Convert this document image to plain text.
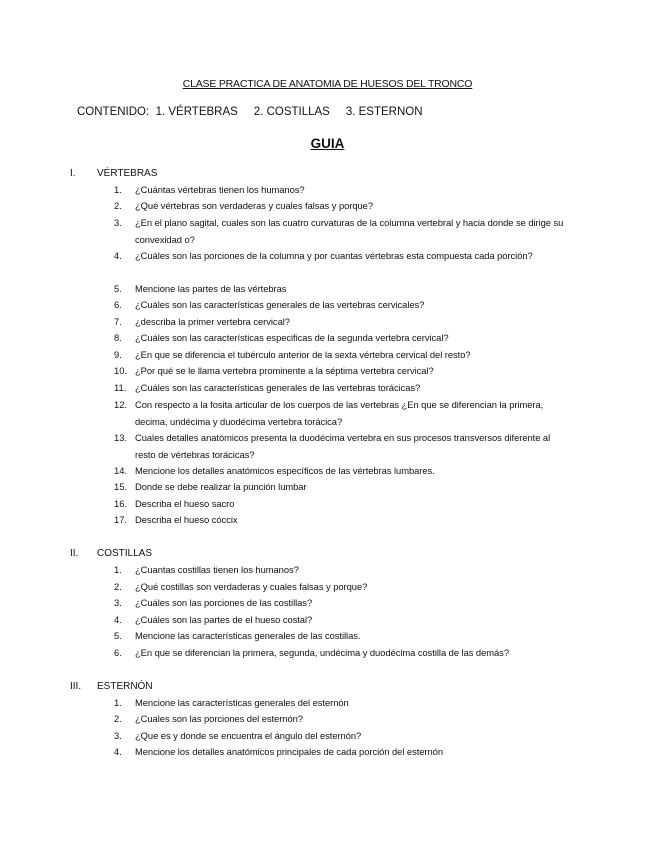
CLASE PRACTICA DE ANATOMIA DE HUESOS DEL TRONCO
CONTENIDO:  1. VÉRTEBRAS     2. COSTILLAS     3. ESTERNON
GUIA
I. VÉRTEBRAS
1.	¿Cuántas vértebras tienen los humanos?
2.	¿Qué vértebras son verdaderas y cuales falsas y porque?
3.	¿En el plano sagital, cuales son las cuatro curvaturas de la columna vertebral y hacia donde se dirige su convexidad o?
4.	¿Cuáles son las porciones de la columna y por cuantas vértebras esta compuesta cada porción?
5.	Mencione las partes de las vértebras
6.	¿Cuáles son las características generales de las vertebras cervicales?
7.	¿describa la primer vertebra cervical?
8.	¿Cuáles son las características especificas de la segunda vertebra cervical?
9.	¿En que se diferencia el tubérculo anterior de la sexta vértebra cervical del resto?
10. ¿Por qué se le llama vertebra prominente a la séptima vertebra cervical?
11. ¿Cuáles son las características generales de las vertebras torácicas?
12. Con respecto a la fosita articular de los cuerpos de las vertebras ¿En que se diferencian la primera, decima, undécima y duodécima vertebra torácica?
13. Cuales detalles anatómicos presenta la duodécima vertebra en sus procesos transversos diferente al resto de vértebras torácicas?
14. Mencione los detalles anatómicos específicos de las vértebras lumbares.
15. Donde se debe realizar la punción lumbar
16. Describa el hueso sacro
17. Describa el hueso cóccix
II. COSTILLAS
1.	¿Cuantas costillas tienen los humanos?
2.	¿Qué costillas son verdaderas y cuales falsas y porque?
3.	¿Cuáles son las porciones de las costillas?
4.	¿Cuáles son las partes de el hueso costal?
5.	Mencione las características generales de las costillas.
6.	¿En que se diferencian la primera, segunda, undécima y duodécima costilla de las demás?
III. ESTERNÓN
1.	Mencione las características generales del esternón
2.	¿Cuales son las porciones del esternón?
3.	¿Que es y donde se encuentra el ángulo del esternón?
4.	Mencione los detalles anatómicos principales de cada porción del esternón
